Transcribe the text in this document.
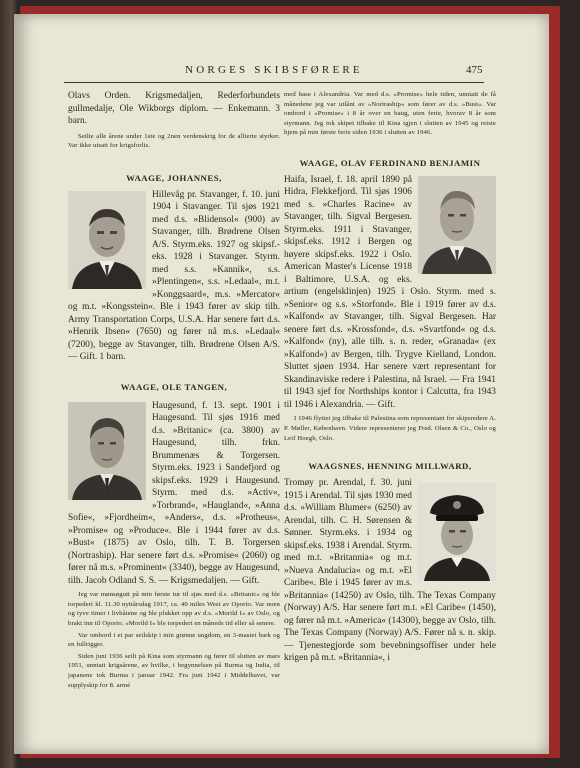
NORGES SKIBSFØRERE	475

Olavs Orden. Krigsmedaljen, Rederforbundets gullmedalje, Ole Wikborgs diplom. — Enkemann. 3 barn.

Seilte alle årene under 1ste og 2nen verdenskrig for de allierte styrker. Var ikke utsatt for krigsforlis.

WAAGE, JOHANNES,

Hillevåg pr. Stavanger, f. 10. juni 1904 i Stavanger. Til sjøs 1921 med d.s. »Blidensol« (900) av Stavanger, tilh. Brødrene Olsen A/S. Styrm.eks. 1927 og skipsf.-eks. 1928 i Stavanger. Styrm. med s.s. »Kannik«, s.s. »Plentingen«, s.s. »Ledaal«, m.t. »Konggsaard«, m.s. »Mercator« og m.t. »Kongsstein«. Ble i 1943 fører av skip tilh. Army Transportation Corps, U.S.A. Har senere ført d.s. »Henrik Ibsen« (7650) og fører nå m.s. »Ledaal« (7200), begge av Stavanger, tilh. Brødrene Olsen A/S. — Gift. 1 barn.

WAAGE, OLE TANGEN,

Haugesund, f. 13. sept. 1901 i Haugesund. Til sjøs 1916 med d.s. »Britanic« (ca. 3800) av Haugesund, tilh. frkn. Brummenæs & Torgersen. Styrm.eks. 1923 i Sandefjord og skipsf.eks. 1929 i Haugesund. Styrm. med d.s. »Activ«, »Torbrand«, »Haugland«, »Anna Sofie«, »Fjordheim«, »Anders«, d.s. »Protheus«, »Promise« og »Produce«. Ble i 1944 fører av d.s. »Bust« (1875) av Oslo, tilh. T. B. Torgersen (Nortraship). Har senere ført d.s. »Promise« (2060) og fører nå m.s. »Prominent« (3340), begge av Haugesund, tilh. Jacob Odland S. S. — Krigsmedaljen. — Gift.

Jeg var mønsøgutt på min første tur til sjøs med d.s. »Britanic« og ble torpedert kl. 11.30 nyttårsdag 1917, ca. 40 miles West av Oporto. Var noen og tyve timer i livbåtene og ble plukket opp av d.s. »Morild I« av Oslo, og brakt inn til Oporto. »Morild I« ble torpedert en måneds tid eller så senere.

Var ombord i et par seilskip i min grønne ungdom, en 3-mastet bark og en fullrigger.

Siden juni 1936 seilt på Kina som styrmann og fører til slutten av mars 1951, unntatt krigsårene, av hvilke, i begynnelsen på Burma og India, til japanene tok Burma i januar 1942. Fra juni 1942 i Middelhavet, var supplyskip for 8. armé

med base i Alexandria. Var med d.s. »Promise« hele tiden, unntatt de få månedene jeg var utlånt av »Nortraship« som fører av d.s. »Bust«. Var ombord i »Promise« i 8 år over en baug, uten ferie, hvorav 8 år som styrmann. Jeg tok skipet tilbake til Kina igjen i slutten av 1945 og reiste hjem på min første ferie siden 1936 i slutten av 1946.

WAAGE, OLAV FERDINAND BENJAMIN

Haifa, Israel, f. 18. april 1890 på Hidra, Flekkefjord. Til sjøs 1906 med s. »Charles Racine« av Stavanger, tilh. Sigval Bergesen. Styrm.eks. 1911 i Stavanger, skipsf.eks. 1912 i Bergen og høyere skipsf.eks. 1922 i Oslo. American Master's License 1918 i Baltimore, U.S.A. og eks. artium (engelsklinjen) 1925 i Oslo. Styrm. med s. »Senior« og s.s. »Storfond«. Ble i 1919 fører av d.s. »Kalfond« av Stavanger, tilh. Sigval Bergesen. Har senere ført d.s. »Krossfond«, d.s. »Svartfond« og d.s. »Kalfond« (ny), alle tilh. s. n. reder, »Granada« (ex »Kalfond«) av Bergen, tilh. Trygve Kielland, London. Sluttet sjøen 1934. Har senere vært representant for Skandinaviske redere i Palestina, nå Israel. — Fra 1941 til 1943 sjef for Northships kontor i Calcutta, fra 1943 til 1946 i Alexandria. — Gift.

I 1946 flyttet jeg tilbake til Palestina som representant for skipsredere A. P. Møller, København. Videre representerer jeg Fred. Olsen & Co., Oslo og Leif Hoegh, Oslo.

WAAGSNES, HENNING MILLWARD,

Tromøy pr. Arendal, f. 30. juni 1915 i Arendal. Til sjøs 1930 med d.s. »William Blumer« (6250) av Arendal, tilh. C. H. Sørensen & Sønner. Styrm.eks. i 1934 og skipsf.eks. 1938 i Arendal. Styrm. med m.t. »Britannia« og m.t. »Nueva Andalucia« og m.t. »El Caribe«. Ble i 1945 fører av m.s. »Britannia« (14250) av Oslo, tilh. The Texas Company (Norway) A/S. Har senere ført m.t. »El Caribe« (1450), og fører nå m.t. »America« (14300), begge av Oslo, tilh. The Texas Company (Norway) A/S. Fører nå s. n. skip. — Tjenestegjorde som bevebningsoffiser under hele krigen på m.t. »Britannia«, i
